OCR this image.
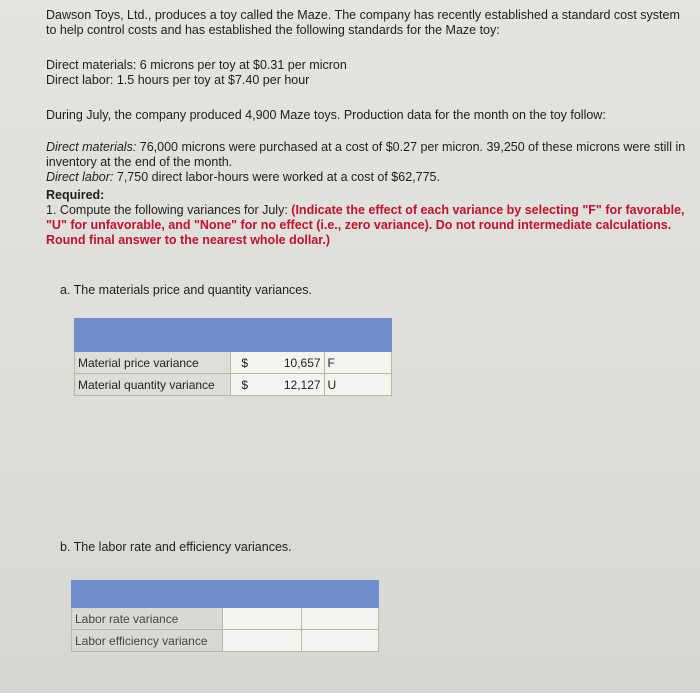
Dawson Toys, Ltd., produces a toy called the Maze. The company has recently established a standard cost system to help control costs and has established the following standards for the Maze toy:

Direct materials: 6 microns per toy at $0.31 per micron
Direct labor: 1.5 hours per toy at $7.40 per hour

During July, the company produced 4,900 Maze toys. Production data for the month on the toy follow:

Direct materials: 76,000 microns were purchased at a cost of $0.27 per micron. 39,250 of these microns were still in inventory at the end of the month.
Direct labor: 7,750 direct labor-hours were worked at a cost of $62,775.

Required:
1. Compute the following variances for July: (Indicate the effect of each variance by selecting "F" for favorable, "U" for unfavorable, and "None" for no effect (i.e., zero variance). Do not round intermediate calculations. Round final answer to the nearest whole dollar.)

a. The materials price and quantity variances.

Material price variance	$	10,657	F
Material quantity variance	$	12,127	U

b. The labor rate and efficiency variances.

Labor rate variance		
Labor efficiency variance		
